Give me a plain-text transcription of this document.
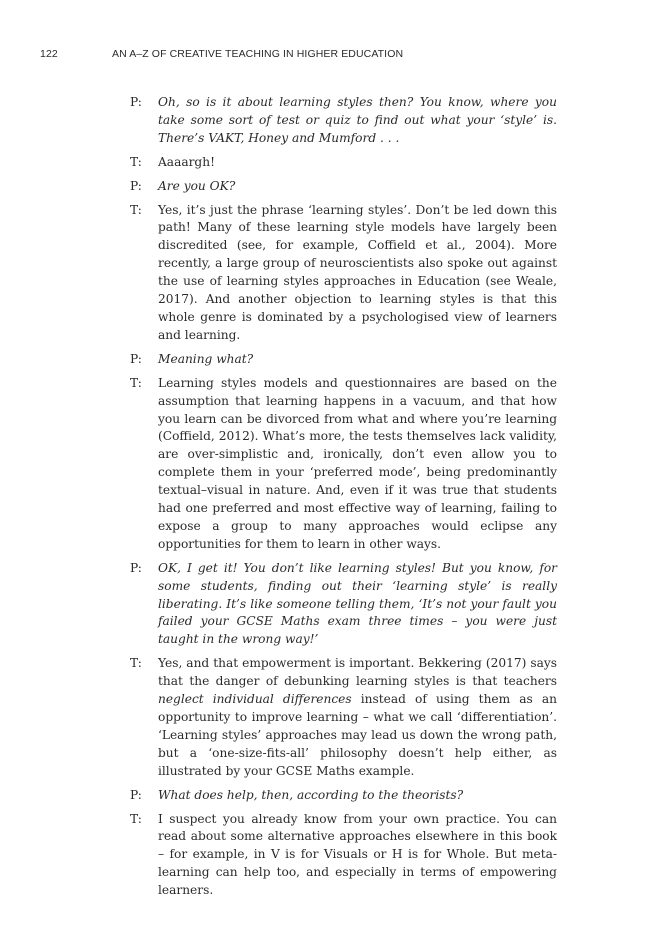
122	AN A–Z OF CREATIVE TEACHING IN HIGHER EDUCATION
P:	Oh, so is it about learning styles then? You know, where you take some sort of test or quiz to find out what your ‘style’ is. There’s VAKT, Honey and Mumford . . .
T:	Aaaargh!
P:	Are you OK?
T:	Yes, it’s just the phrase ‘learning styles’. Don’t be led down this path! Many of these learning style models have largely been discredited (see, for example, Coffield et al., 2004). More recently, a large group of neuroscientists also spoke out against the use of learning styles approaches in Education (see Weale, 2017). And another objection to learning styles is that this whole genre is dominated by a psychologised view of learners and learning.
P:	Meaning what?
T:	Learning styles models and questionnaires are based on the assumption that learning happens in a vacuum, and that how you learn can be divorced from what and where you’re learning (Coffield, 2012). What’s more, the tests themselves lack validity, are over-simplistic and, ironically, don’t even allow you to complete them in your ‘preferred mode’, being predominantly textual–visual in nature. And, even if it was true that students had one preferred and most effective way of learning, failing to expose a group to many approaches would eclipse any opportunities for them to learn in other ways.
P:	OK, I get it! You don’t like learning styles! But you know, for some students, finding out their ‘learning style’ is really liberating. It’s like someone telling them, ‘It’s not your fault you failed your GCSE Maths exam three times – you were just taught in the wrong way!’
T:	Yes, and that empowerment is important. Bekkering (2017) says that the danger of debunking learning styles is that teachers neglect individual differences instead of using them as an opportunity to improve learning – what we call ‘differentiation’. ‘Learning styles’ approaches may lead us down the wrong path, but a ‘one-size-fits-all’ philosophy doesn’t help either, as illustrated by your GCSE Maths example.
P:	What does help, then, according to the theorists?
T:	I suspect you already know from your own practice. You can read about some alternative approaches elsewhere in this book – for example, in V is for Visuals or H is for Whole. But meta-learning can help too, and especially in terms of empowering learners.
